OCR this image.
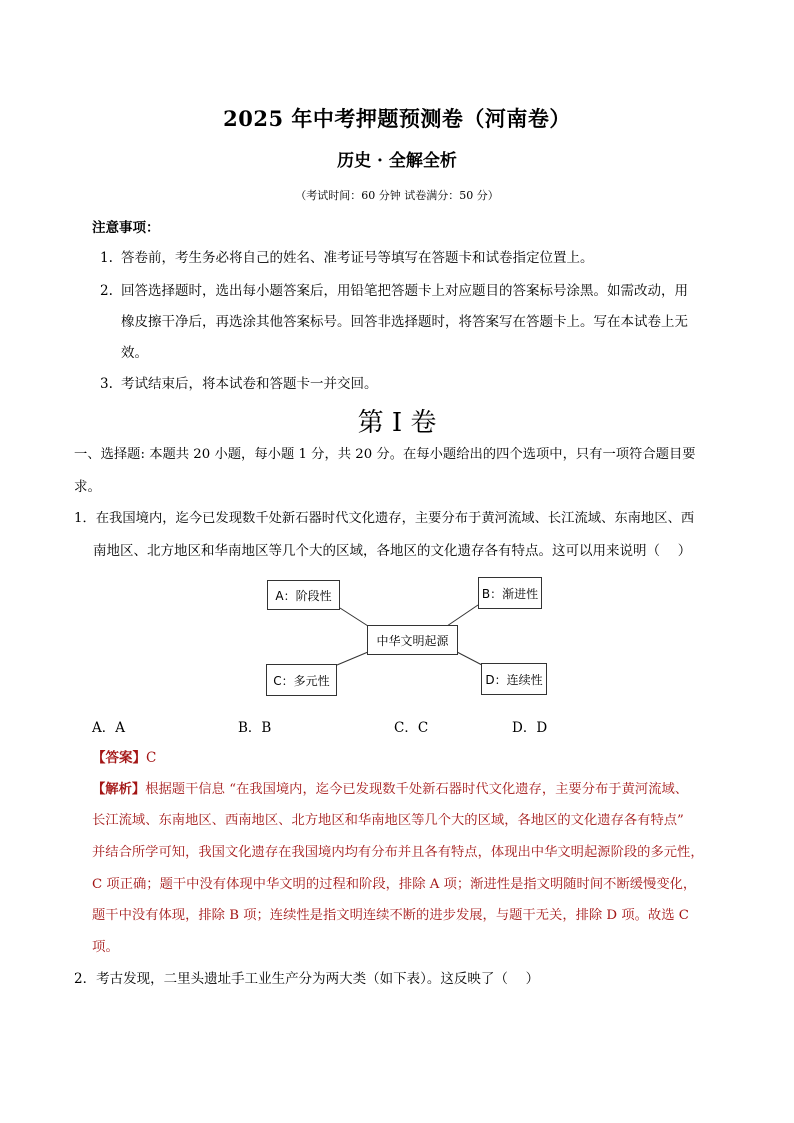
2025 年中考押题预测卷（河南卷）
历史 · 全解全析
（考试时间：60 分钟 试卷满分：50 分）
注意事项：
1. 答卷前，考生务必将自己的姓名、准考证号等填写在答题卡和试卷指定位置上。
2. 回答选择题时，选出每小题答案后，用铅笔把答题卡上对应题目的答案标号涂黑。如需改动，用
橡皮擦干净后，再选涂其他答案标号。回答非选择题时，将答案写在答题卡上。写在本试卷上无
效。
3. 考试结束后，将本试卷和答题卡一并交回。
第 I 卷
一、选择题: 本题共 20 小题，每小题 1 分，共 20 分。在每小题给出的四个选项中，只有一项符合题目要
求。
1．在我国境内，迄今已发现数千处新石器时代文化遗存，主要分布于黄河流域、长江流域、东南地区、西
南地区、北方地区和华南地区等几个大的区域，各地区的文化遗存各有特点。这可以用来说明（　 ）
A：阶段性	B：渐进性
中华文明起源
C：多元性	D：连续性
A．A	B．B	C．C	D．D
【答案】C
【解析】根据题干信息 “在我国境内，迄今已发现数千处新石器时代文化遗存，主要分布于黄河流域、
长江流域、东南地区、西南地区、北方地区和华南地区等几个大的区域，各地区的文化遗存各有特点”
并结合所学可知，我国文化遗存在我国境内均有分布并且各有特点，体现出中华文明起源阶段的多元性，
C 项正确；题干中没有体现中华文明的过程和阶段，排除 A 项；渐进性是指文明随时间不断缓慢变化，
题干中没有体现，排除 B 项；连续性是指文明连续不断的进步发展，与题干无关，排除 D 项。故选 C
项。
2．考古发现，二里头遗址手工业生产分为两大类（如下表）。这反映了（　 ）
